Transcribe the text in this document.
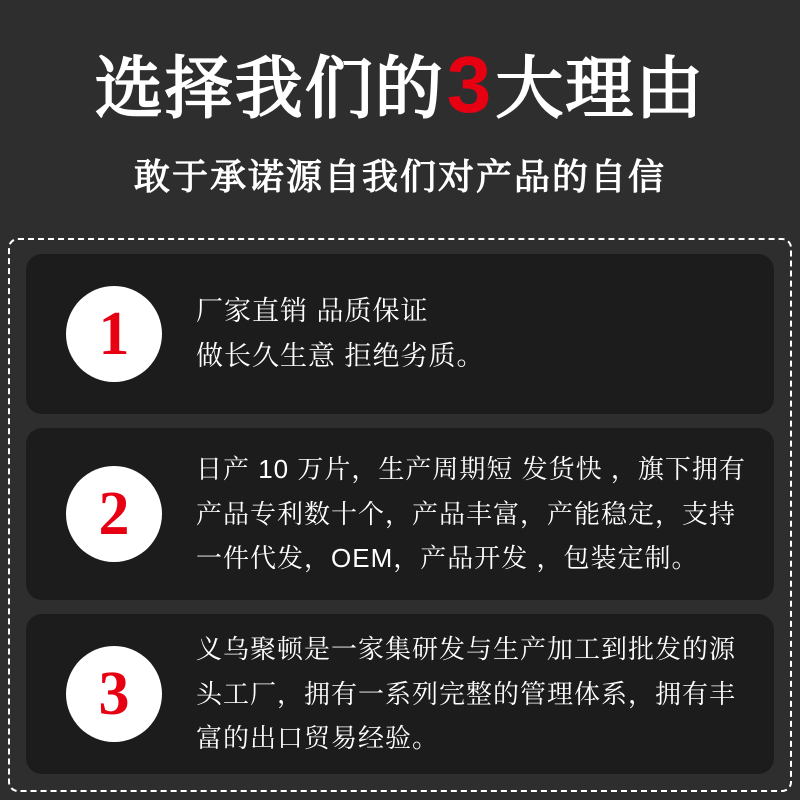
选择我们的3大理由
敢于承诺源自我们对产品的自信
1	厂家直销 品质保证
做长久生意 拒绝劣质。
2
日产 10 万片，生产周期短 发货快 ，旗下拥有
产品专利数十个，产品丰富，产能稳定，支持
一件代发，OEM，产品开发 ，包装定制。
3
义乌聚顿是一家集研发与生产加工到批发的源
头工厂，拥有一系列完整的管理体系，拥有丰
富的出口贸易经验。
